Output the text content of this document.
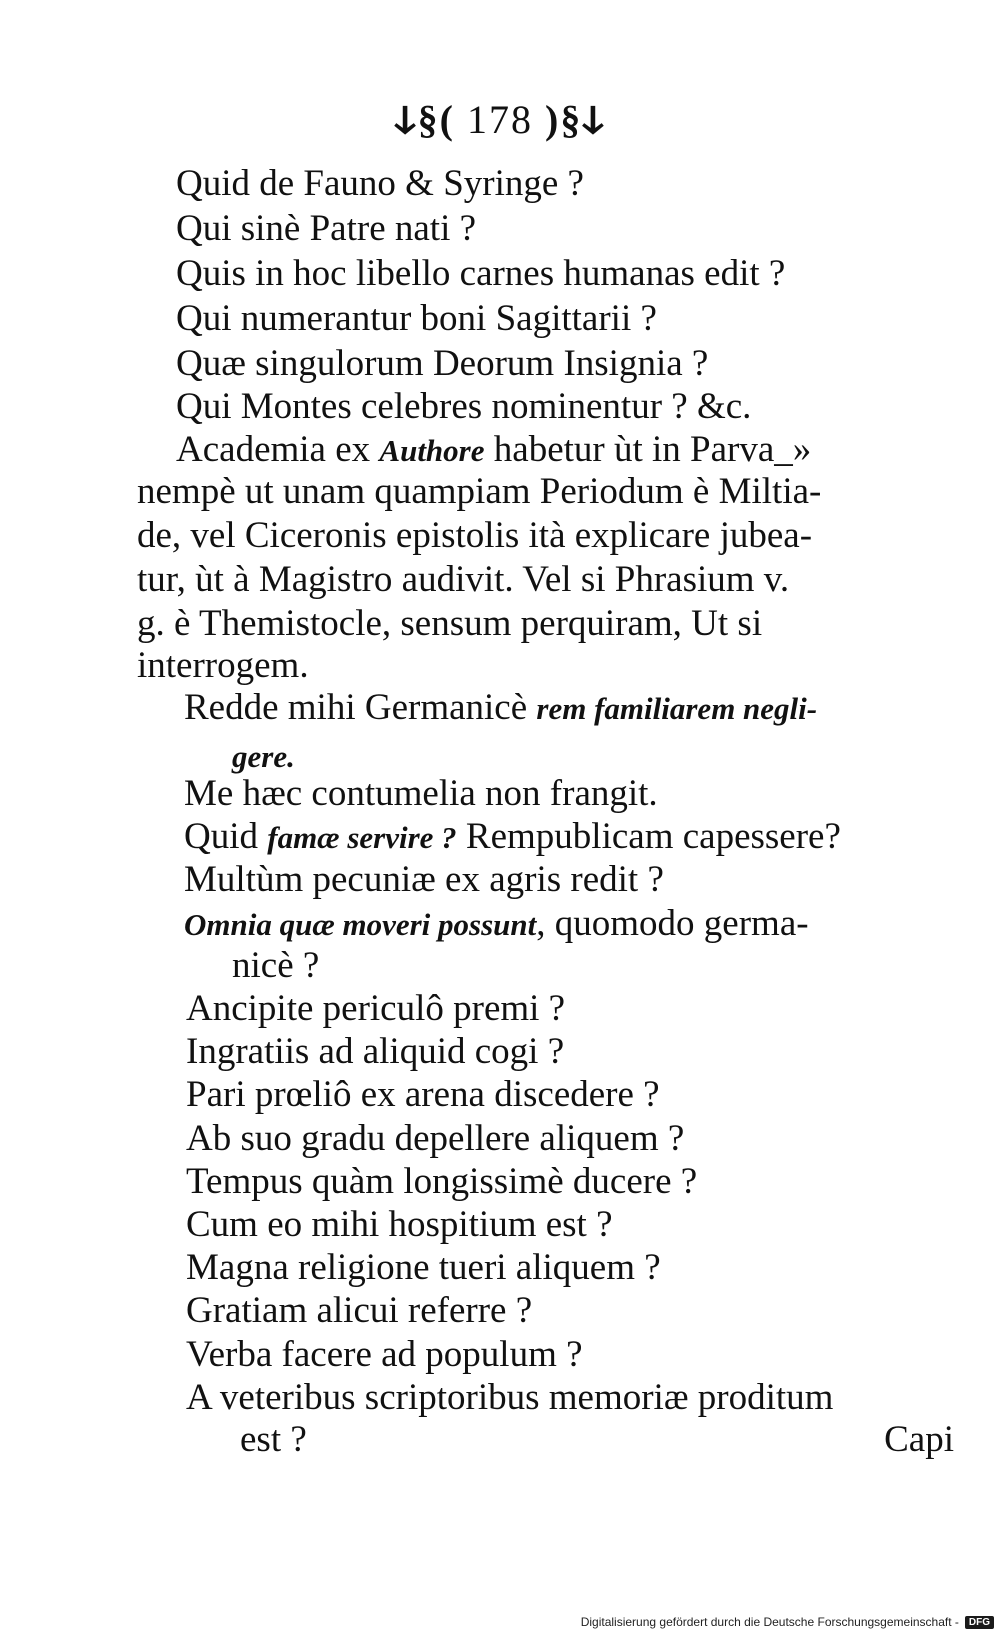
ↆ§( 178 )§ↆ
Quid de Fauno & Syringe ?
Qui sinè Patre nati ?
Quis in hoc libello carnes humanas edit ?
Qui numerantur boni Sagittarii ?
Quæ singulorum Deorum Insignia ?
Qui Montes celebres nominentur ? &c.
Academia ex Authore habetur ùt in Parva_»
nempè ut unam quampiam Periodum è Miltia-
de, vel Ciceronis epistolis ità explicare jubea-
tur, ùt à Magistro audivit. Vel si Phrasium v.
g. è Themistocle, sensum perquiram, Ut si
interrogem.
Redde mihi Germanicè rem familiarem negli-
gere.
Me hæc contumelia non frangit.
Quid famæ servire ? Rempublicam capessere?
Multùm pecuniæ ex agris redit ?
Omnia quæ moveri possunt, quomodo germa-
nicè ?
Ancipite periculô premi ?
Ingratiis ad aliquid cogi ?
Pari prœliô ex arena discedere ?
Ab suo gradu depellere aliquem ?
Tempus quàm longissimè ducere ?
Cum eo mihi hospitium est ?
Magna religione tueri aliquem ?
Gratiam alicui referre ?
Verba facere ad populum ?
A veteribus scriptoribus memoriæ proditum
est ?	Capi
Digitalisierung gefördert durch die Deutsche Forschungsgemeinschaft -	DFG
